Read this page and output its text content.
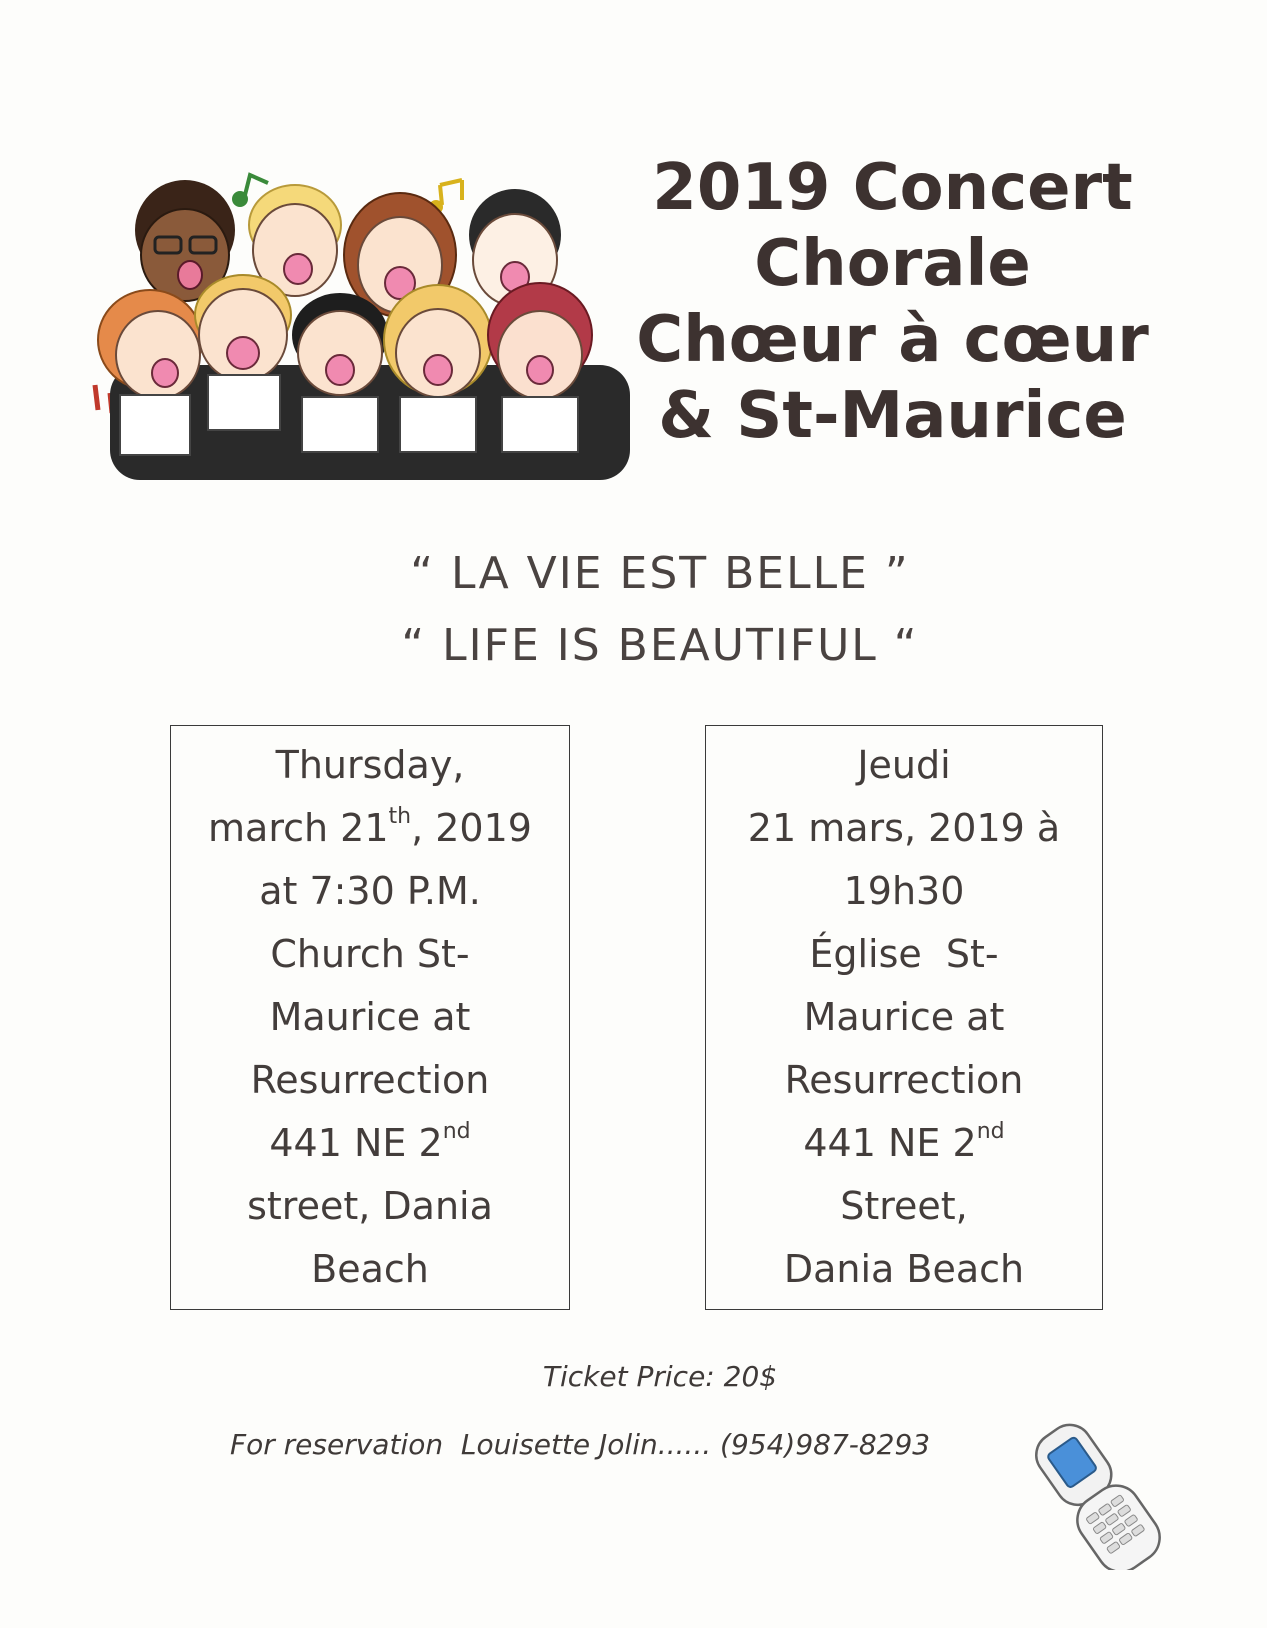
2019 Concert
Chorale
Chœur à cœur
& St-Maurice
“ LA VIE EST BELLE ”
“ LIFE IS BEAUTIFUL “
Thursday,
march 21th, 2019
at 7:30 P.M.
Church St-
Maurice at
Resurrection
441 NE 2nd
street, Dania
Beach
Jeudi
21 mars, 2019 à
19h30
Église  St-
Maurice at
Resurrection
441 NE 2nd
Street,
Dania Beach
Ticket Price: 20$
For reservation  Louisette Jolin...... (954)987-8293
